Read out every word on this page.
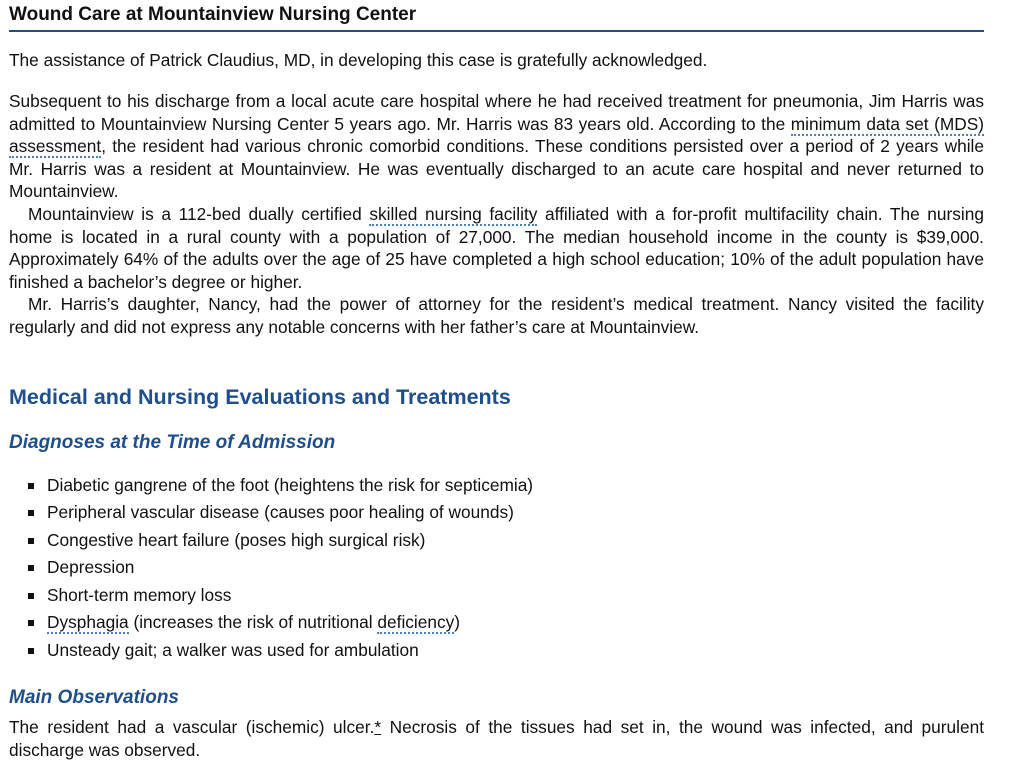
Wound Care at Mountainview Nursing Center

The assistance of Patrick Claudius, MD, in developing this case is gratefully acknowledged.

Subsequent to his discharge from a local acute care hospital where he had received treatment for pneumonia, Jim Harris was admitted to Mountainview Nursing Center 5 years ago. Mr. Harris was 83 years old. According to the minimum data set (MDS) assessment, the resident had various chronic comorbid conditions. These conditions persisted over a period of 2 years while Mr. Harris was a resident at Mountainview. He was eventually discharged to an acute care hospital and never returned to Mountainview.

Mountainview is a 112-bed dually certified skilled nursing facility affiliated with a for-profit multifacility chain. The nursing home is located in a rural county with a population of 27,000. The median household income in the county is $39,000. Approximately 64% of the adults over the age of 25 have completed a high school education; 10% of the adult population have finished a bachelor’s degree or higher.

Mr. Harris’s daughter, Nancy, had the power of attorney for the resident’s medical treatment. Nancy visited the facility regularly and did not express any notable concerns with her father’s care at Mountainview.

Medical and Nursing Evaluations and Treatments
Diagnoses at the Time of Admission
Diabetic gangrene of the foot (heightens the risk for septicemia)
Peripheral vascular disease (causes poor healing of wounds)
Congestive heart failure (poses high surgical risk)
Depression
Short-term memory loss
Dysphagia (increases the risk of nutritional deficiency)
Unsteady gait; a walker was used for ambulation
Main Observations

The resident had a vascular (ischemic) ulcer.* Necrosis of the tissues had set in, the wound was infected, and purulent discharge was observed.
